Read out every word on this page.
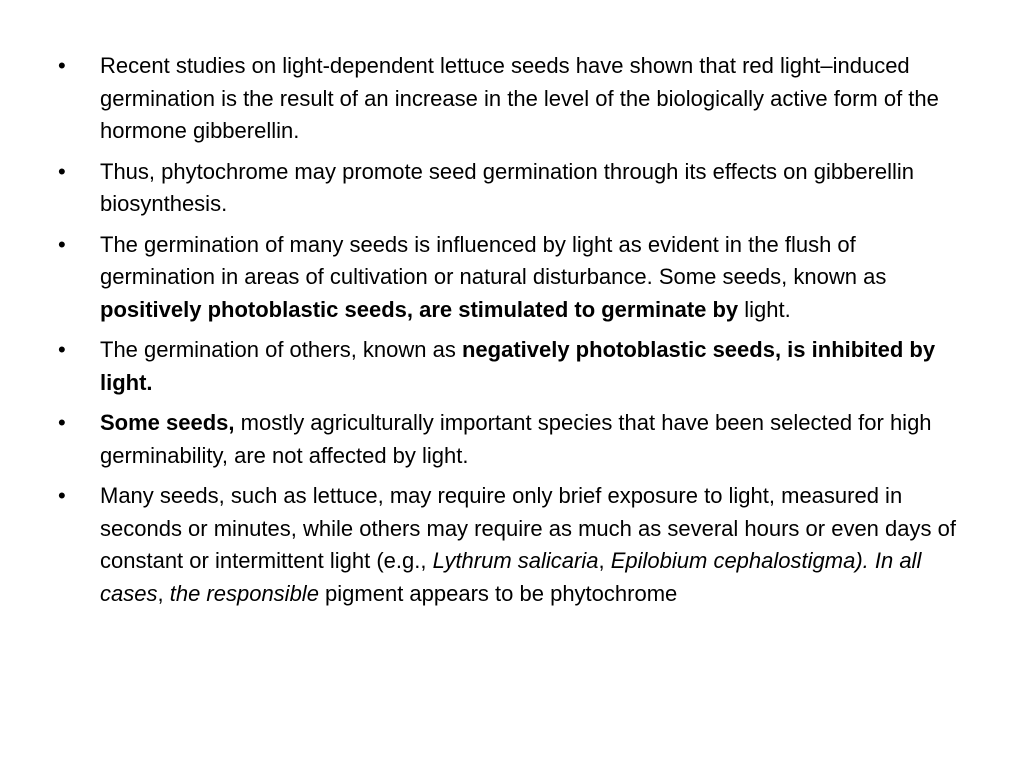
• Recent studies on light-dependent lettuce seeds have shown that red light–induced germination is the result of an increase in the level of the biologically active form of the hormone gibberellin.
• Thus, phytochrome may promote seed germination through its effects on gibberellin biosynthesis.
• The germination of many seeds is influenced by light as evident in the flush of germination in areas of cultivation or natural disturbance. Some seeds, known as positively photoblastic seeds, are stimulated to germinate by light.
• The germination of others, known as negatively photoblastic seeds, is inhibited by light.
• Some seeds, mostly agriculturally important species that have been selected for high germinability, are not affected by light.
• Many seeds, such as lettuce, may require only brief exposure to light, measured in seconds or minutes, while others may require as much as several hours or even days of constant or intermittent light (e.g., Lythrum salicaria, Epilobium cephalostigma). In all cases, the responsible pigment appears to be phytochrome
